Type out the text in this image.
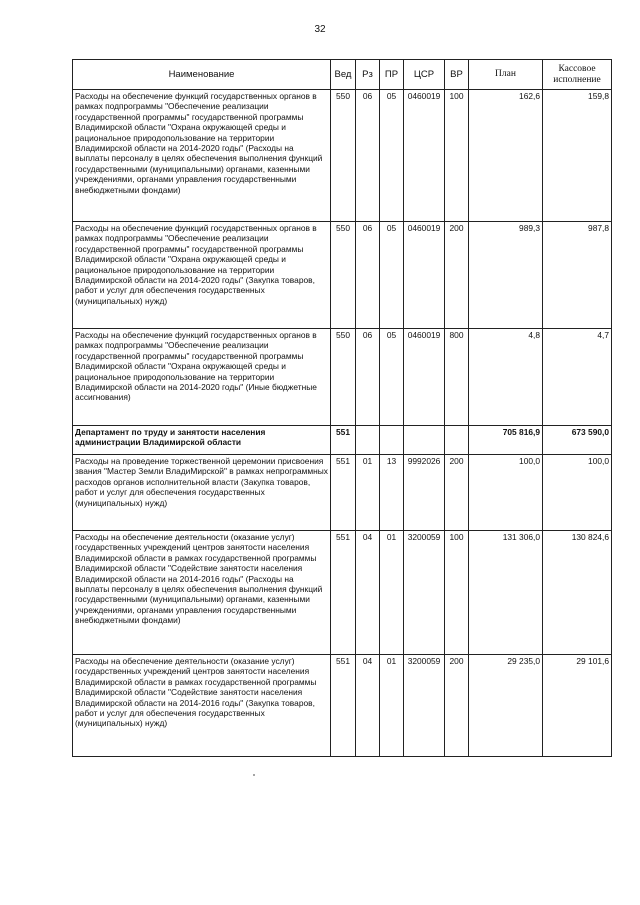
32
Наименование	Вед	Рз	ПР	ЦСР	ВР	План	Кассовое исполнение
Расходы на обеспечение функций государственных органов в рамках подпрограммы "Обеспечение реализации государственной программы" государственной программы Владимирской области "Охрана окружающей среды и рациональное природопользование на территории Владимирской области на 2014-2020 годы" (Расходы на выплаты персоналу в целях обеспечения выполнения функций государственными (муниципальными) органами, казенными учреждениями, органами управления государственными внебюджетными фондами)	550	06	05	0460019	100	162,6	159,8
Расходы на обеспечение функций государственных органов в рамках подпрограммы "Обеспечение реализации государственной программы" государственной программы Владимирской области "Охрана окружающей среды и рациональное природопользование на территории Владимирской области на 2014-2020 годы" (Закупка товаров, работ и услуг для обеспечения государственных (муниципальных) нужд)	550	06	05	0460019	200	989,3	987,8
Расходы на обеспечение функций государственных органов в рамках подпрограммы "Обеспечение реализации государственной программы" государственной программы Владимирской области "Охрана окружающей среды и рациональное природопользование на территории Владимирской области на 2014-2020 годы" (Иные бюджетные ассигнования)	550	06	05	0460019	800	4,8	4,7
Департамент по труду и занятости населения администрации Владимирской области	551					705 816,9	673 590,0
Расходы на проведение торжественной церемонии присвоения звания "Мастер Земли ВладиМирской" в рамках непрограммных расходов органов исполнительной власти (Закупка товаров, работ и услуг для обеспечения государственных (муниципальных) нужд)	551	01	13	9992026	200	100,0	100,0
Расходы на обеспечение деятельности (оказание услуг) государственных учреждений центров занятости населения Владимирской области в рамках государственной программы Владимирской области "Содействие занятости населения Владимирской области на 2014-2016 годы" (Расходы на выплаты персоналу в целях обеспечения выполнения функций государственными (муниципальными) органами, казенными учреждениями, органами управления государственными внебюджетными фондами)	551	04	01	3200059	100	131 306,0	130 824,6
Расходы на обеспечение деятельности (оказание услуг) государственных учреждений центров занятости населения Владимирской области в рамках государственной программы Владимирской области "Содействие занятости населения Владимирской области на 2014-2016 годы" (Закупка товаров, работ и услуг для обеспечения государственных (муниципальных) нужд)	551	04	01	3200059	200	29 235,0	29 101,6
